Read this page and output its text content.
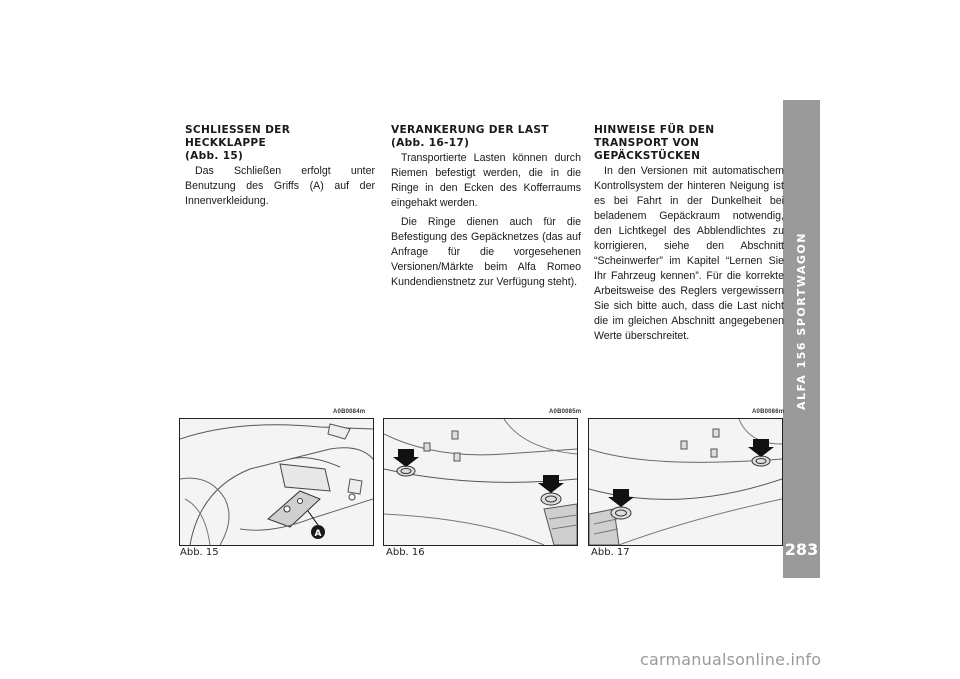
ALFA 156 SPORTWAGON
283
SCHLIESSEN DER HECKKLAPPE
(Abb. 15)

Das Schließen erfolgt unter Benutzung des Griffs (A) auf der Innenverkleidung.

VERANKERUNG DER LAST
(Abb. 16-17)

Transportierte Lasten können durch Riemen befestigt werden, die in die Ringe in den Ecken des Kofferraums eingehakt werden.

Die Ringe dienen auch für die Befestigung des Gepäcknetzes (das auf Anfrage für die vorgesehenen Versionen/Märkte beim Alfa Romeo Kundendienstnetz zur Verfügung steht).

HINWEISE FÜR DEN
TRANSPORT VON
GEPÄCKSTÜCKEN

In den Versionen mit automatischem Kontrollsystem der hinteren Neigung ist es bei Fahrt in der Dunkelheit bei beladenem Gepäckraum notwendig, den Lichtkegel des Abblendlichtes zu korrigieren, siehe den Abschnitt “Scheinwerfer” im Kapitel “Lernen Sie Ihr Fahrzeug kennen”. Für die korrekte Arbeitsweise des Reglers vergewissern Sie sich bitte auch, dass die Last nicht die im gleichen Abschnitt angegebenen Werte überschreitet.

A0B0084m
A
Abb. 15
A0B0085m
Abb. 16
A0B0086m
Abb. 17
carmanualsonline.info
